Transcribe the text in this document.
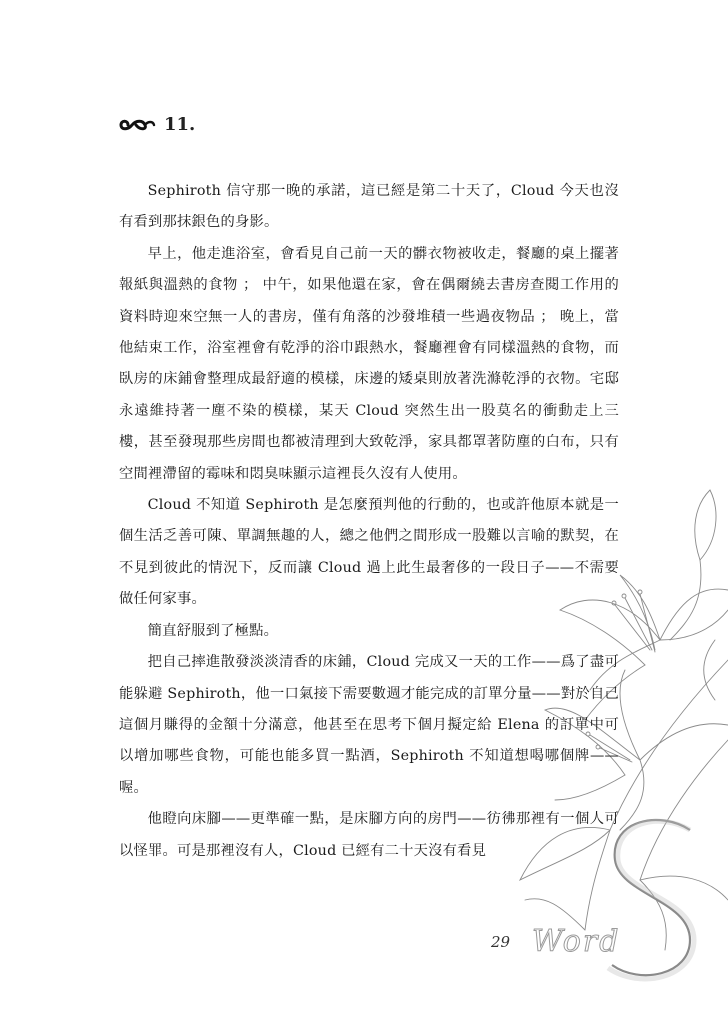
11.

Sephiroth 信守那一晚的承諾，這已經是第二十天了，Cloud 今天也沒有看到那抹銀色的身影。

早上，他走進浴室，會看見自己前一天的髒衣物被收走，餐廳的桌上擺著報紙與溫熱的食物 ； 中午，如果他還在家，會在偶爾繞去書房查閱工作用的資料時迎來空無一人的書房，僅有角落的沙發堆積一些過夜物品 ； 晚上，當他結束工作，浴室裡會有乾淨的浴巾跟熱水，餐廳裡會有同樣溫熱的食物，而臥房的床鋪會整理成最舒適的模樣，床邊的矮桌則放著洗滌乾淨的衣物。宅邸永遠維持著一塵不染的模樣，某天 Cloud 突然生出一股莫名的衝動走上三樓，甚至發現那些房間也都被清理到大致乾淨，家具都罩著防塵的白布，只有空間裡滯留的霉味和悶臭味顯示這裡長久沒有人使用。

Cloud 不知道 Sephiroth 是怎麼預判他的行動的，也或許他原本就是一個生活乏善可陳、單調無趣的人，總之他們之間形成一股難以言喻的默契，在不見到彼此的情況下，反而讓 Cloud 過上此生最奢侈的一段日子——不需要做任何家事。

簡直舒服到了極點。

把自己摔進散發淡淡清香的床鋪，Cloud 完成又一天的工作——爲了盡可能躲避 Sephiroth，他一口氣接下需要數週才能完成的訂單分量——對於自己這個月賺得的金額十分滿意，他甚至在思考下個月擬定給 Elena 的訂單中可以增加哪些食物，可能也能多買一點酒，Sephiroth 不知道想喝哪個牌——喔。

他瞪向床腳——更準確一點，是床腳方向的房門——彷彿那裡有一個人可以怪罪。可是那裡沒有人，Cloud 已經有二十天沒有看見

29 Word
